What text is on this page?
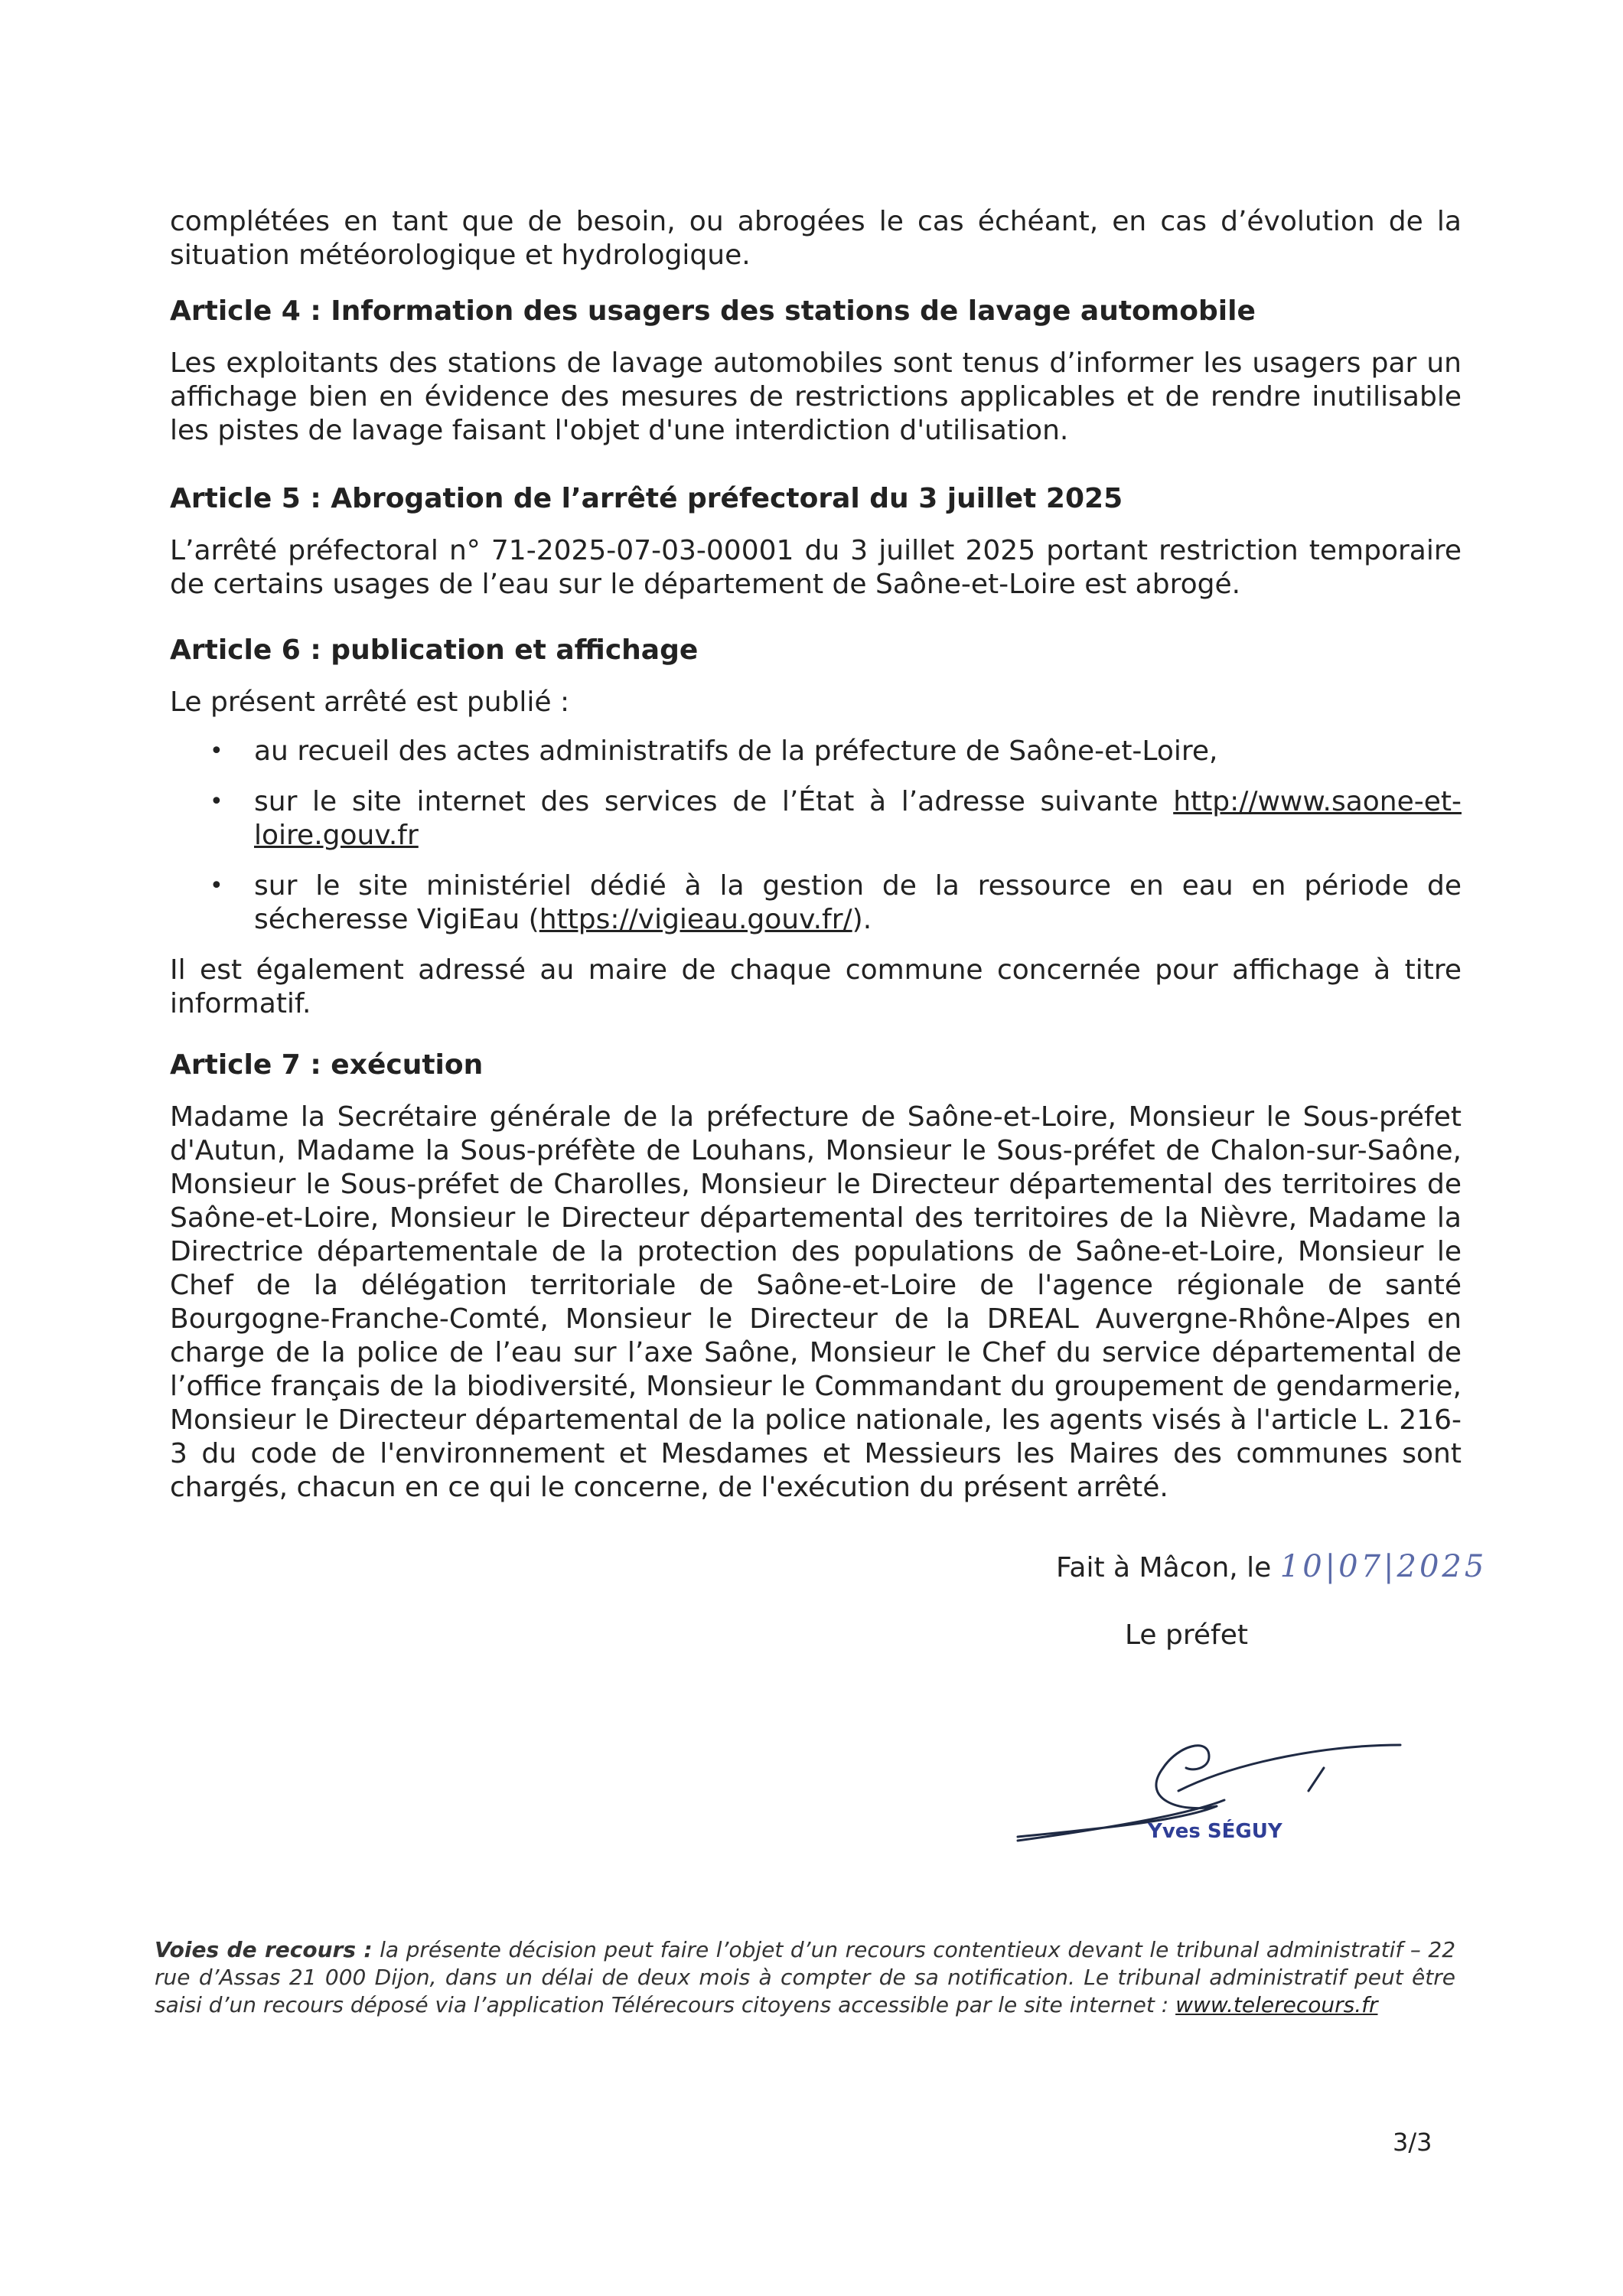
complétées en tant que de besoin, ou abrogées le cas échéant, en cas d’évolution de la situation météorologique et hydrologique.

Article 4 : Information des usagers des stations de lavage automobile

Les exploitants des stations de lavage automobiles sont tenus d’informer les usagers par un affichage bien en évidence des mesures de restrictions applicables et de rendre inutilisable les pistes de lavage faisant l'objet d'une interdiction d'utilisation.

Article 5 : Abrogation de l’arrêté préfectoral du 3 juillet 2025

L’arrêté préfectoral n° 71-2025-07-03-00001 du 3 juillet 2025 portant restriction temporaire de certains usages de l’eau sur le département de Saône-et-Loire est abrogé.

Article 6 : publication et affichage

Le présent arrêté est publié :

• au recueil des actes administratifs de la préfecture de Saône-et-Loire,
• sur le site internet des services de l’État à l’adresse suivante http://www.saone-et-loire.gouv.fr
• sur le site ministériel dédié à la gestion de la ressource en eau en période de sécheresse VigiEau (https://vigieau.gouv.fr/).

Il est également adressé au maire de chaque commune concernée pour affichage à titre informatif.

Article 7 : exécution

Madame la Secrétaire générale de la préfecture de Saône-et-Loire, Monsieur le Sous-préfet d'Autun, Madame la Sous-préfète de Louhans, Monsieur le Sous-préfet de Chalon-sur-Saône, Monsieur le Sous-préfet de Charolles, Monsieur le Directeur départemental des territoires de Saône-et-Loire, Monsieur le Directeur départemental des territoires de la Nièvre, Madame la Directrice départementale de la protection des populations de Saône-et-Loire, Monsieur le Chef de la délégation territoriale de Saône-et-Loire de l'agence régionale de santé Bourgogne-Franche-Comté, Monsieur le Directeur de la DREAL Auvergne-Rhône-Alpes en charge de la police de l’eau sur l’axe Saône, Monsieur le Chef du service départemental de l’office français de la biodiversité, Monsieur le Commandant du groupement de gendarmerie, Monsieur le Directeur départemental de la police nationale, les agents visés à l'article L. 216-3 du code de l'environnement et Mesdames et Messieurs les Maires des communes sont chargés, chacun en ce qui le concerne, de l'exécution du présent arrêté.

Fait à Mâcon, le 10|07|2025
Le préfet
Yves SÉGUY
Voies de recours : la présente décision peut faire l’objet d’un recours contentieux devant le tribunal administratif – 22 rue d’Assas 21 000 Dijon, dans un délai de deux mois à compter de sa notification. Le tribunal administratif peut être saisi d’un recours déposé via l’application Télérecours citoyens accessible par le site internet : www.telerecours.fr
3/3
